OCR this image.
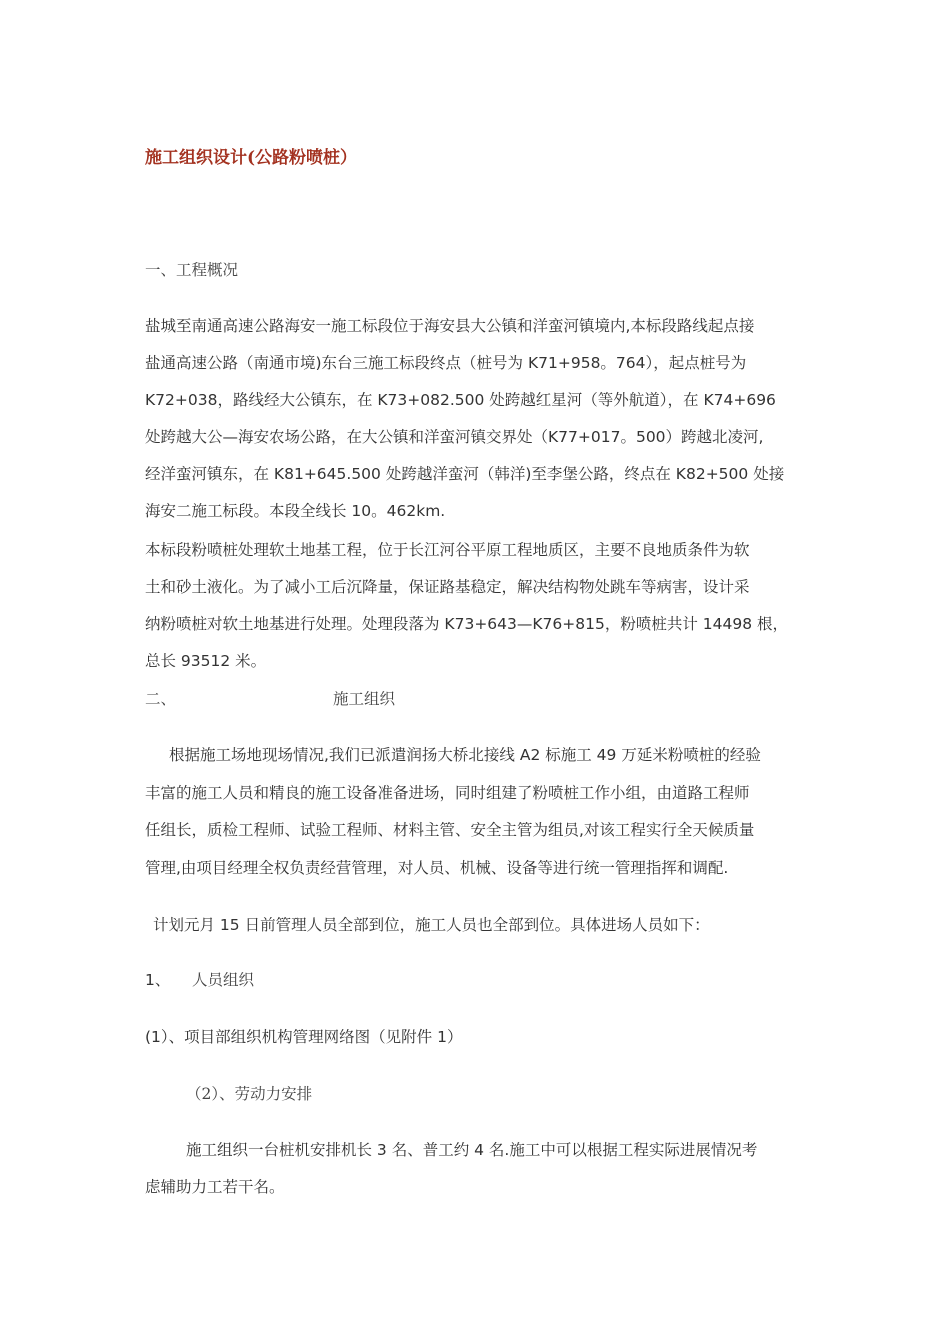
施工组织设计(公路粉喷桩）
一、工程概况
盐城至南通高速公路海安一施工标段位于海安县大公镇和洋蛮河镇境内,本标段路线起点接
盐通高速公路（南通市境)东台三施工标段终点（桩号为 K71+958。764），起点桩号为
K72+038，路线经大公镇东，在 K73+082.500 处跨越红星河（等外航道），在 K74+696
处跨越大公—海安农场公路，在大公镇和洋蛮河镇交界处（K77+017。500）跨越北凌河,
经洋蛮河镇东，在 K81+645.500 处跨越洋蛮河（韩洋)至李堡公路，终点在 K82+500 处接
海安二施工标段。本段全线长 10。462km.
本标段粉喷桩处理软土地基工程，位于长江河谷平原工程地质区，主要不良地质条件为软
土和砂土液化。为了减小工后沉降量，保证路基稳定，解决结构物处跳车等病害，设计采
纳粉喷桩对软土地基进行处理。处理段落为 K73+643—K76+815，粉喷桩共计 14498 根，
总长 93512 米。
二、	施工组织
根据施工场地现场情况,我们已派遣润扬大桥北接线 A2 标施工 49 万延米粉喷桩的经验
丰富的施工人员和精良的施工设备准备进场，同时组建了粉喷桩工作小组，由道路工程师
任组长，质检工程师、试验工程师、材料主管、安全主管为组员,对该工程实行全天候质量
管理,由项目经理全权负责经营管理，对人员、机械、设备等进行统一管理指挥和调配.
计划元月 15 日前管理人员全部到位，施工人员也全部到位。具体进场人员如下：
1、 人员组织
(1）、项目部组织机构管理网络图（见附件 1）
（2）、劳动力安排
施工组织一台桩机安排机长 3 名、普工约 4 名.施工中可以根据工程实际进展情况考
虑辅助力工若干名。
